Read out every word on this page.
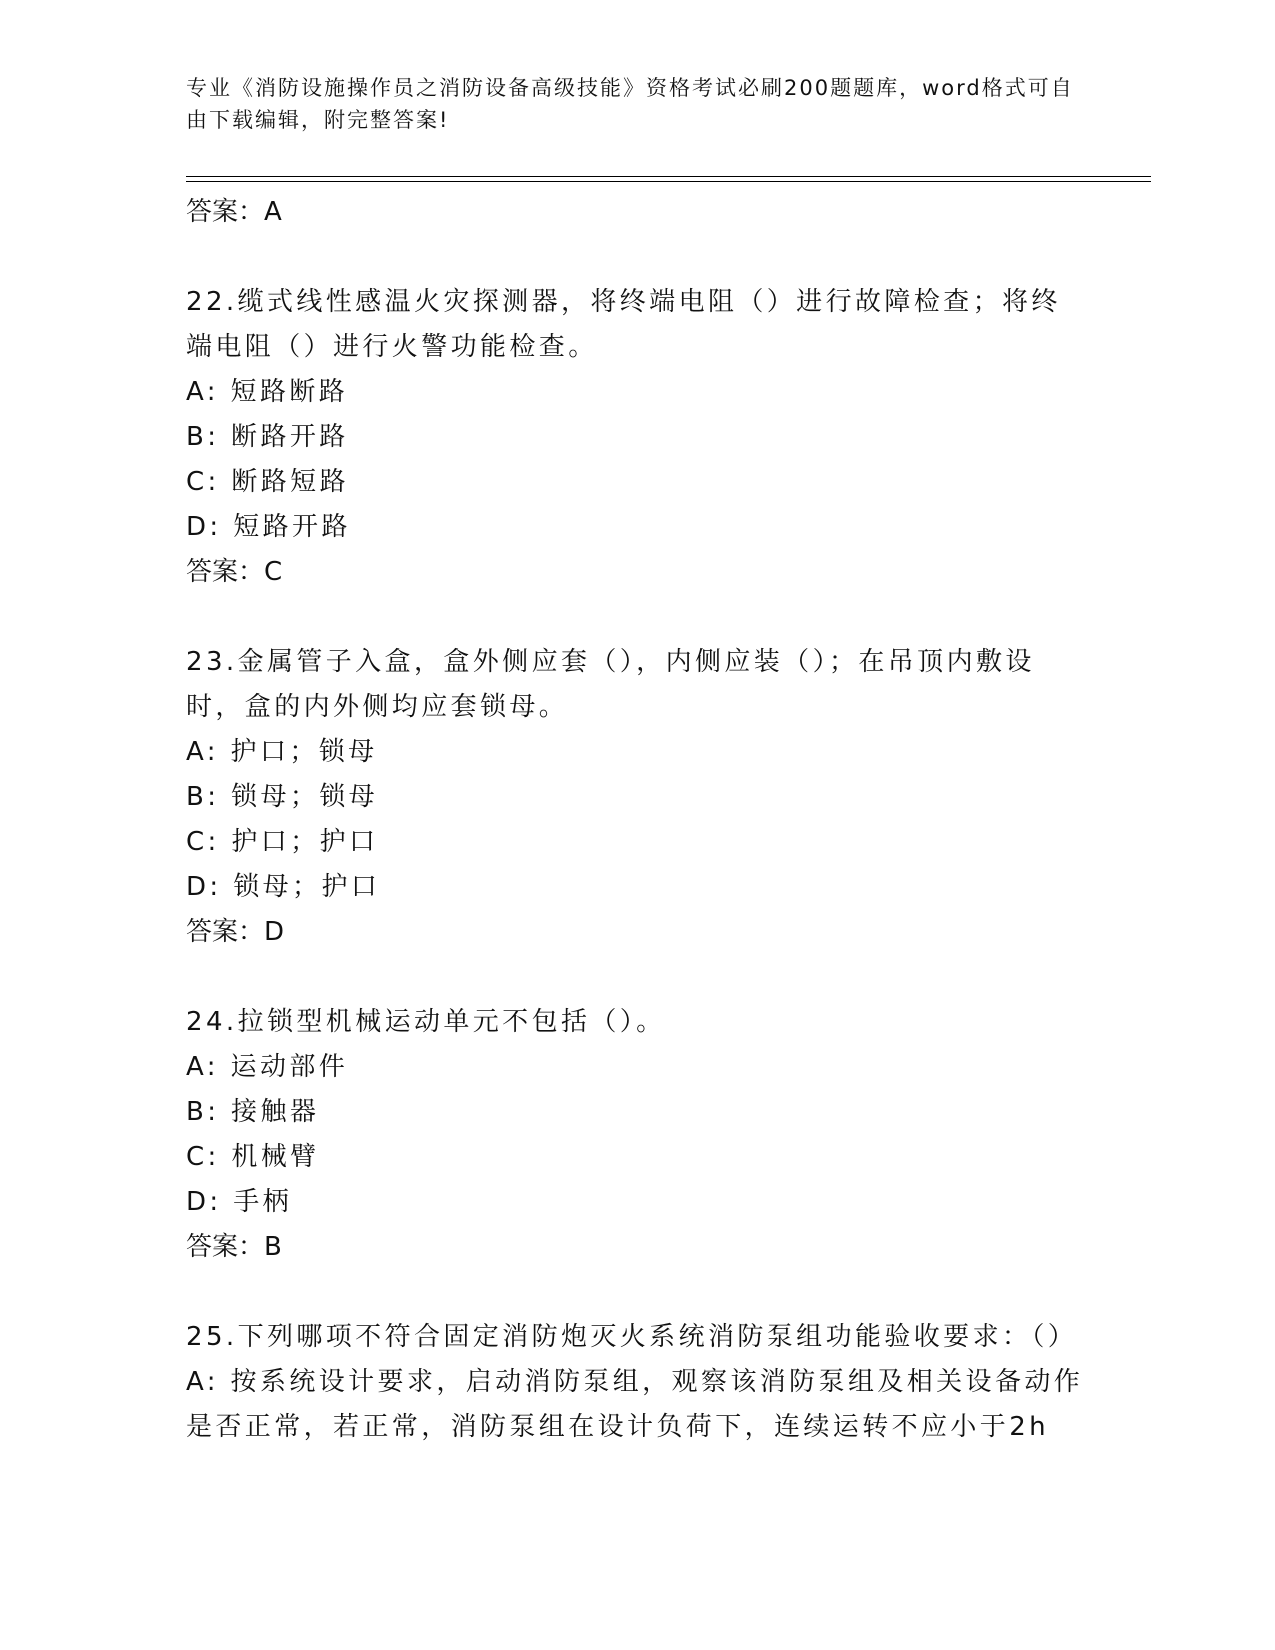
专业《消防设施操作员之消防设备高级技能》资格考试必刷200题题库，word格式可自由下载编辑，附完整答案!
答案：A
22.缆式线性感温火灾探测器，将终端电阻（）进行故障检查；将终端电阻（）进行火警功能检查。
A: 短路断路
B: 断路开路
C: 断路短路
D: 短路开路
答案：C
23.金属管子入盒，盒外侧应套（），内侧应装（）；在吊顶内敷设时，盒的内外侧均应套锁母。
A: 护口；锁母
B: 锁母；锁母
C: 护口；护口
D: 锁母；护口
答案：D
24.拉锁型机械运动单元不包括（）。
A: 运动部件
B: 接触器
C: 机械臂
D: 手柄
答案：B
25.下列哪项不符合固定消防炮灭火系统消防泵组功能验收要求：（）
A: 按系统设计要求，启动消防泵组，观察该消防泵组及相关设备动作是否正常，若正常，消防泵组在设计负荷下，连续运转不应小于2h
